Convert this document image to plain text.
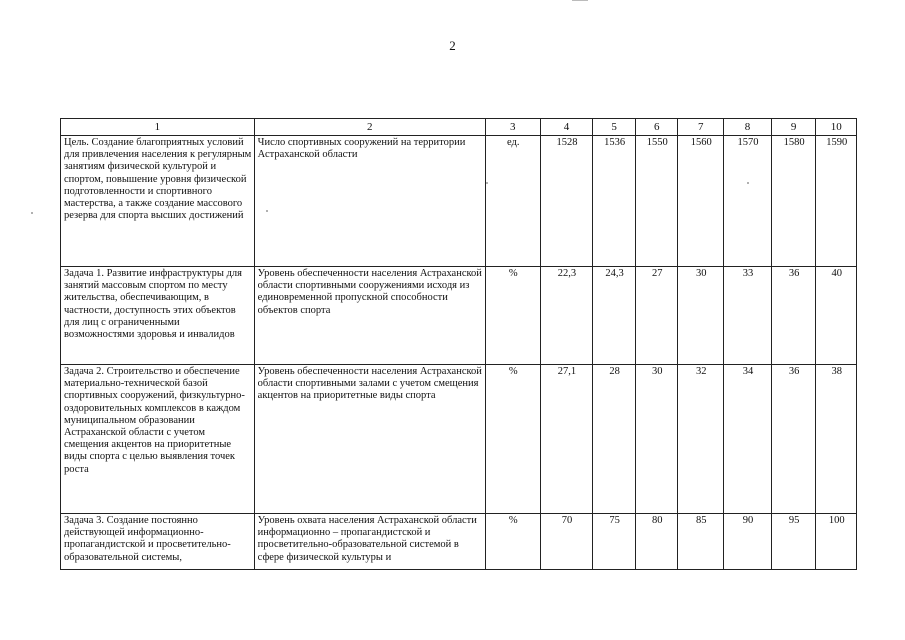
2
1	2	3	4	5	6	7	8	9	10
Цель. Создание благоприятных условий для привлечения населения к регулярным занятиям физической культурой и спортом, повышение уровня физической подготовленности и спортивного мастерства, а также создание массового резерва для спорта высших достижений	Число спортивных сооружений на территории Астраханской области	ед.	1528	1536	1550	1560	1570	1580	1590
Задача 1. Развитие инфраструктуры для занятий массовым спортом по месту жительства, обеспечивающим, в частности, доступность этих объектов для лиц с ограниченными возможностями здоровья и инвалидов	Уровень обеспеченности населения Астраханской области спортивными сооружениями исходя из единовременной пропускной способности объектов спорта	%	22,3	24,3	27	30	33	36	40
Задача 2. Строительство и обеспечение материально-технической базой спортивных сооружений, физкультурно-оздоровительных комплексов в каждом муниципальном образовании Астраханской области с учетом смещения акцентов на приоритетные виды спорта с целью выявления точек роста	Уровень обеспеченности населения Астраханской области спортивными залами с учетом смещения акцентов на приоритетные виды спорта	%	27,1	28	30	32	34	36	38
Задача 3. Создание постоянно действующей информационно-пропагандистской и просветительно-образовательной системы,	Уровень охвата населения Астраханской области информационно – пропагандистской и просветительно-образовательной системой в сфере физической культуры и	%	70	75	80	85	90	95	100
